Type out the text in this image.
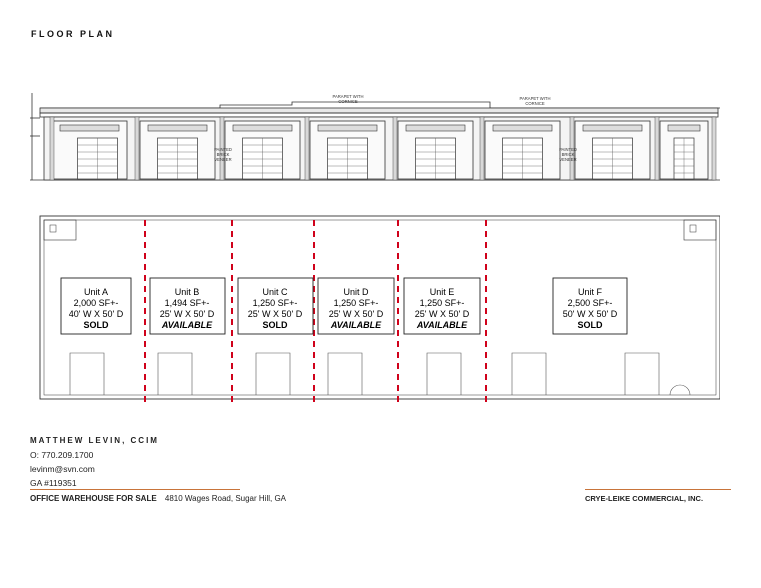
FLOOR PLAN
PARAPET WITH
CORNICE
PARAPET WITH
CORNICE
PAINTED
BRICK
VENEER
PAINTED
BRICK
VENEER
Unit A
2,000 SF+-
40' W X 50' D
SOLD
Unit B
1,494 SF+-
25' W X 50' D
AVAILABLE
Unit C
1,250 SF+-
25' W X 50' D
SOLD
Unit D
1,250 SF+-
25' W X 50' D
AVAILABLE
Unit E
1,250 SF+-
25' W X 50' D
AVAILABLE
Unit F
2,500 SF+-
50' W X 50' D
SOLD
MATTHEW LEVIN, CCIM
O: 770.209.1700
levinm@svn.com
GA #119351
OFFICE WAREHOUSE FOR SALE 4810 Wages Road, Sugar Hill, GA	CRYE-LEIKE COMMERCIAL, INC.
